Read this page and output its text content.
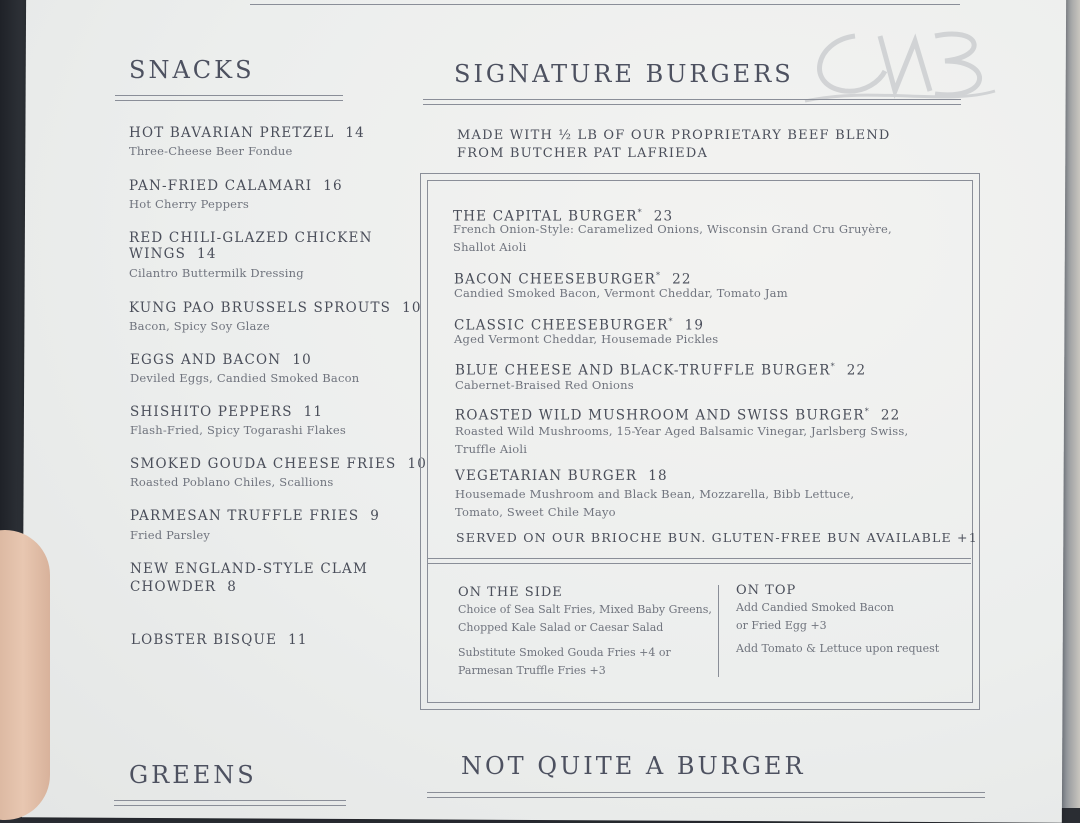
SNACKS
HOT BAVARIAN PRETZEL 14
Three-Cheese Beer Fondue
PAN-FRIED CALAMARI 16
Hot Cherry Peppers
RED CHILI-GLAZED CHICKEN
WINGS 14
Cilantro Buttermilk Dressing
KUNG PAO BRUSSELS SPROUTS 10
Bacon, Spicy Soy Glaze
EGGS AND BACON 10
Deviled Eggs, Candied Smoked Bacon
SHISHITO PEPPERS 11
Flash-Fried, Spicy Togarashi Flakes
SMOKED GOUDA CHEESE FRIES 10
Roasted Poblano Chiles, Scallions
PARMESAN TRUFFLE FRIES 9
Fried Parsley
NEW ENGLAND-STYLE CLAM
CHOWDER 8
LOBSTER BISQUE 11
SIGNATURE BURGERS
MADE WITH ½ LB OF OUR PROPRIETARY BEEF BLEND
FROM BUTCHER PAT LAFRIEDA
THE CAPITAL BURGER* 23
French Onion-Style: Caramelized Onions, Wisconsin Grand Cru Gruyère,
Shallot Aioli
BACON CHEESEBURGER* 22
Candied Smoked Bacon, Vermont Cheddar, Tomato Jam
CLASSIC CHEESEBURGER* 19
Aged Vermont Cheddar, Housemade Pickles
BLUE CHEESE AND BLACK-TRUFFLE BURGER* 22
Cabernet-Braised Red Onions
ROASTED WILD MUSHROOM AND SWISS BURGER* 22
Roasted Wild Mushrooms, 15-Year Aged Balsamic Vinegar, Jarlsberg Swiss,
Truffle Aioli
VEGETARIAN BURGER 18
Housemade Mushroom and Black Bean, Mozzarella, Bibb Lettuce,
Tomato, Sweet Chile Mayo
SERVED ON OUR BRIOCHE BUN. GLUTEN-FREE BUN AVAILABLE +1
ON THE SIDE
Choice of Sea Salt Fries, Mixed Baby Greens,
Chopped Kale Salad or Caesar Salad
Substitute Smoked Gouda Fries +4 or
Parmesan Truffle Fries +3
ON TOP
Add Candied Smoked Bacon
or Fried Egg +3
Add Tomato & Lettuce upon request
GREENS	NOT QUITE A BURGER
